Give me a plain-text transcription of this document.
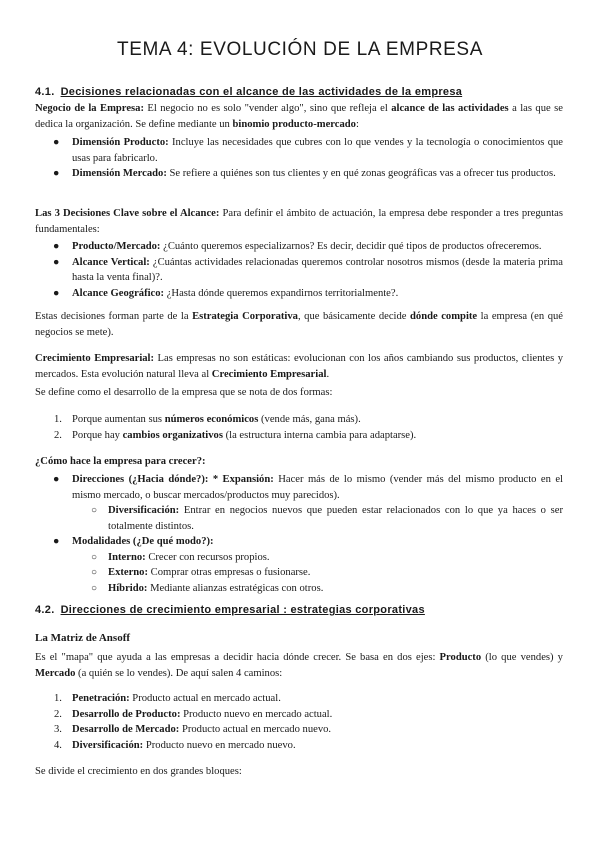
TEMA 4: EVOLUCIÓN DE LA EMPRESA
4.1. Decisiones relacionadas con el alcance de las actividades de la empresa

Negocio de la Empresa: El negocio no es solo "vender algo", sino que refleja el alcance de las actividades a las que se dedica la organización. Se define mediante un binomio producto-mercado:

● Dimensión Producto: Incluye las necesidades que cubres con lo que vendes y la tecnología o conocimientos que usas para fabricarlo.
● Dimensión Mercado: Se refiere a quiénes son tus clientes y en qué zonas geográficas vas a ofrecer tus productos.

Las 3 Decisiones Clave sobre el Alcance: Para definir el ámbito de actuación, la empresa debe responder a tres preguntas fundamentales:

● Producto/Mercado: ¿Cuánto queremos especializarnos? Es decir, decidir qué tipos de productos ofreceremos.
● Alcance Vertical: ¿Cuántas actividades relacionadas queremos controlar nosotros mismos (desde la materia prima hasta la venta final)?.
● Alcance Geográfico: ¿Hasta dónde queremos expandirnos territorialmente?.

Estas decisiones forman parte de la Estrategia Corporativa, que básicamente decide dónde compite la empresa (en qué negocios se mete).

Crecimiento Empresarial: Las empresas no son estáticas: evolucionan con los años cambiando sus productos, clientes y mercados. Esta evolución natural lleva al Crecimiento Empresarial.

Se define como el desarrollo de la empresa que se nota de dos formas:

1. Porque aumentan sus números económicos (vende más, gana más).
2. Porque hay cambios organizativos (la estructura interna cambia para adaptarse).

¿Cómo hace la empresa para crecer?:

● Direcciones (¿Hacia dónde?): * Expansión: Hacer más de lo mismo (vender más del mismo producto en el mismo mercado, o buscar mercados/productos muy parecidos).
○ Diversificación: Entrar en negocios nuevos que pueden estar relacionados con lo que ya haces o ser totalmente distintos.
● Modalidades (¿De qué modo?):
○ Interno: Crecer con recursos propios.
○ Externo: Comprar otras empresas o fusionarse.
○ Híbrido: Mediante alianzas estratégicas con otros.
4.2. Direcciones de crecimiento empresarial : estrategias corporativas
La Matriz de Ansoff

Es el "mapa" que ayuda a las empresas a decidir hacia dónde crecer. Se basa en dos ejes: Producto (lo que vendes) y Mercado (a quién se lo vendes). De aquí salen 4 caminos:

1. Penetración: Producto actual en mercado actual.
2. Desarrollo de Producto: Producto nuevo en mercado actual.
3. Desarrollo de Mercado: Producto actual en mercado nuevo.
4. Diversificación: Producto nuevo en mercado nuevo.

Se divide el crecimiento en dos grandes bloques:
